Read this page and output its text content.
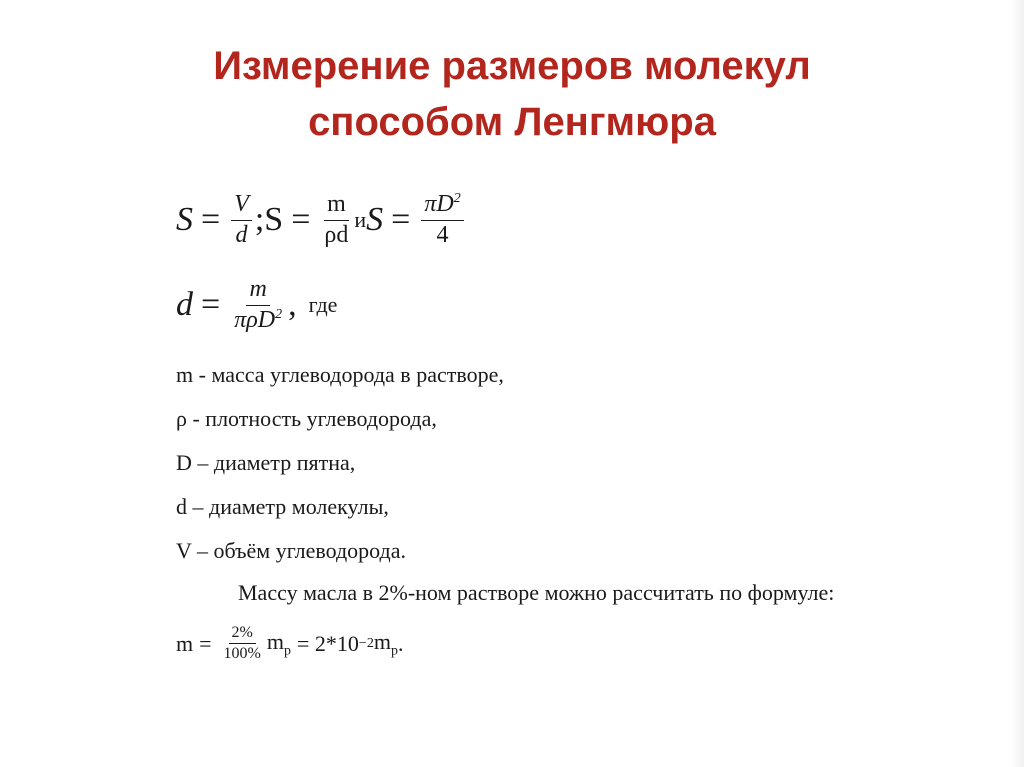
Измерение размеров молекул
способом Ленгмюра
$S = \frac{V}{d}$ ;S = $\frac{m}{\rho d}$ и $S = \frac{\pi D^2}{4}$
$d = \frac{m}{\pi\rho D^2}$ , где
m - масса углеводорода в растворе,
ρ - плотность углеводорода,
D – диаметр пятна,
d – диаметр молекулы,
V – объём углеводорода.
Массу масла в 2%-ном растворе можно рассчитать по формуле:
$m = \frac{2\%}{100\%} m_р = 2*10 -2$ $m_р$ .
